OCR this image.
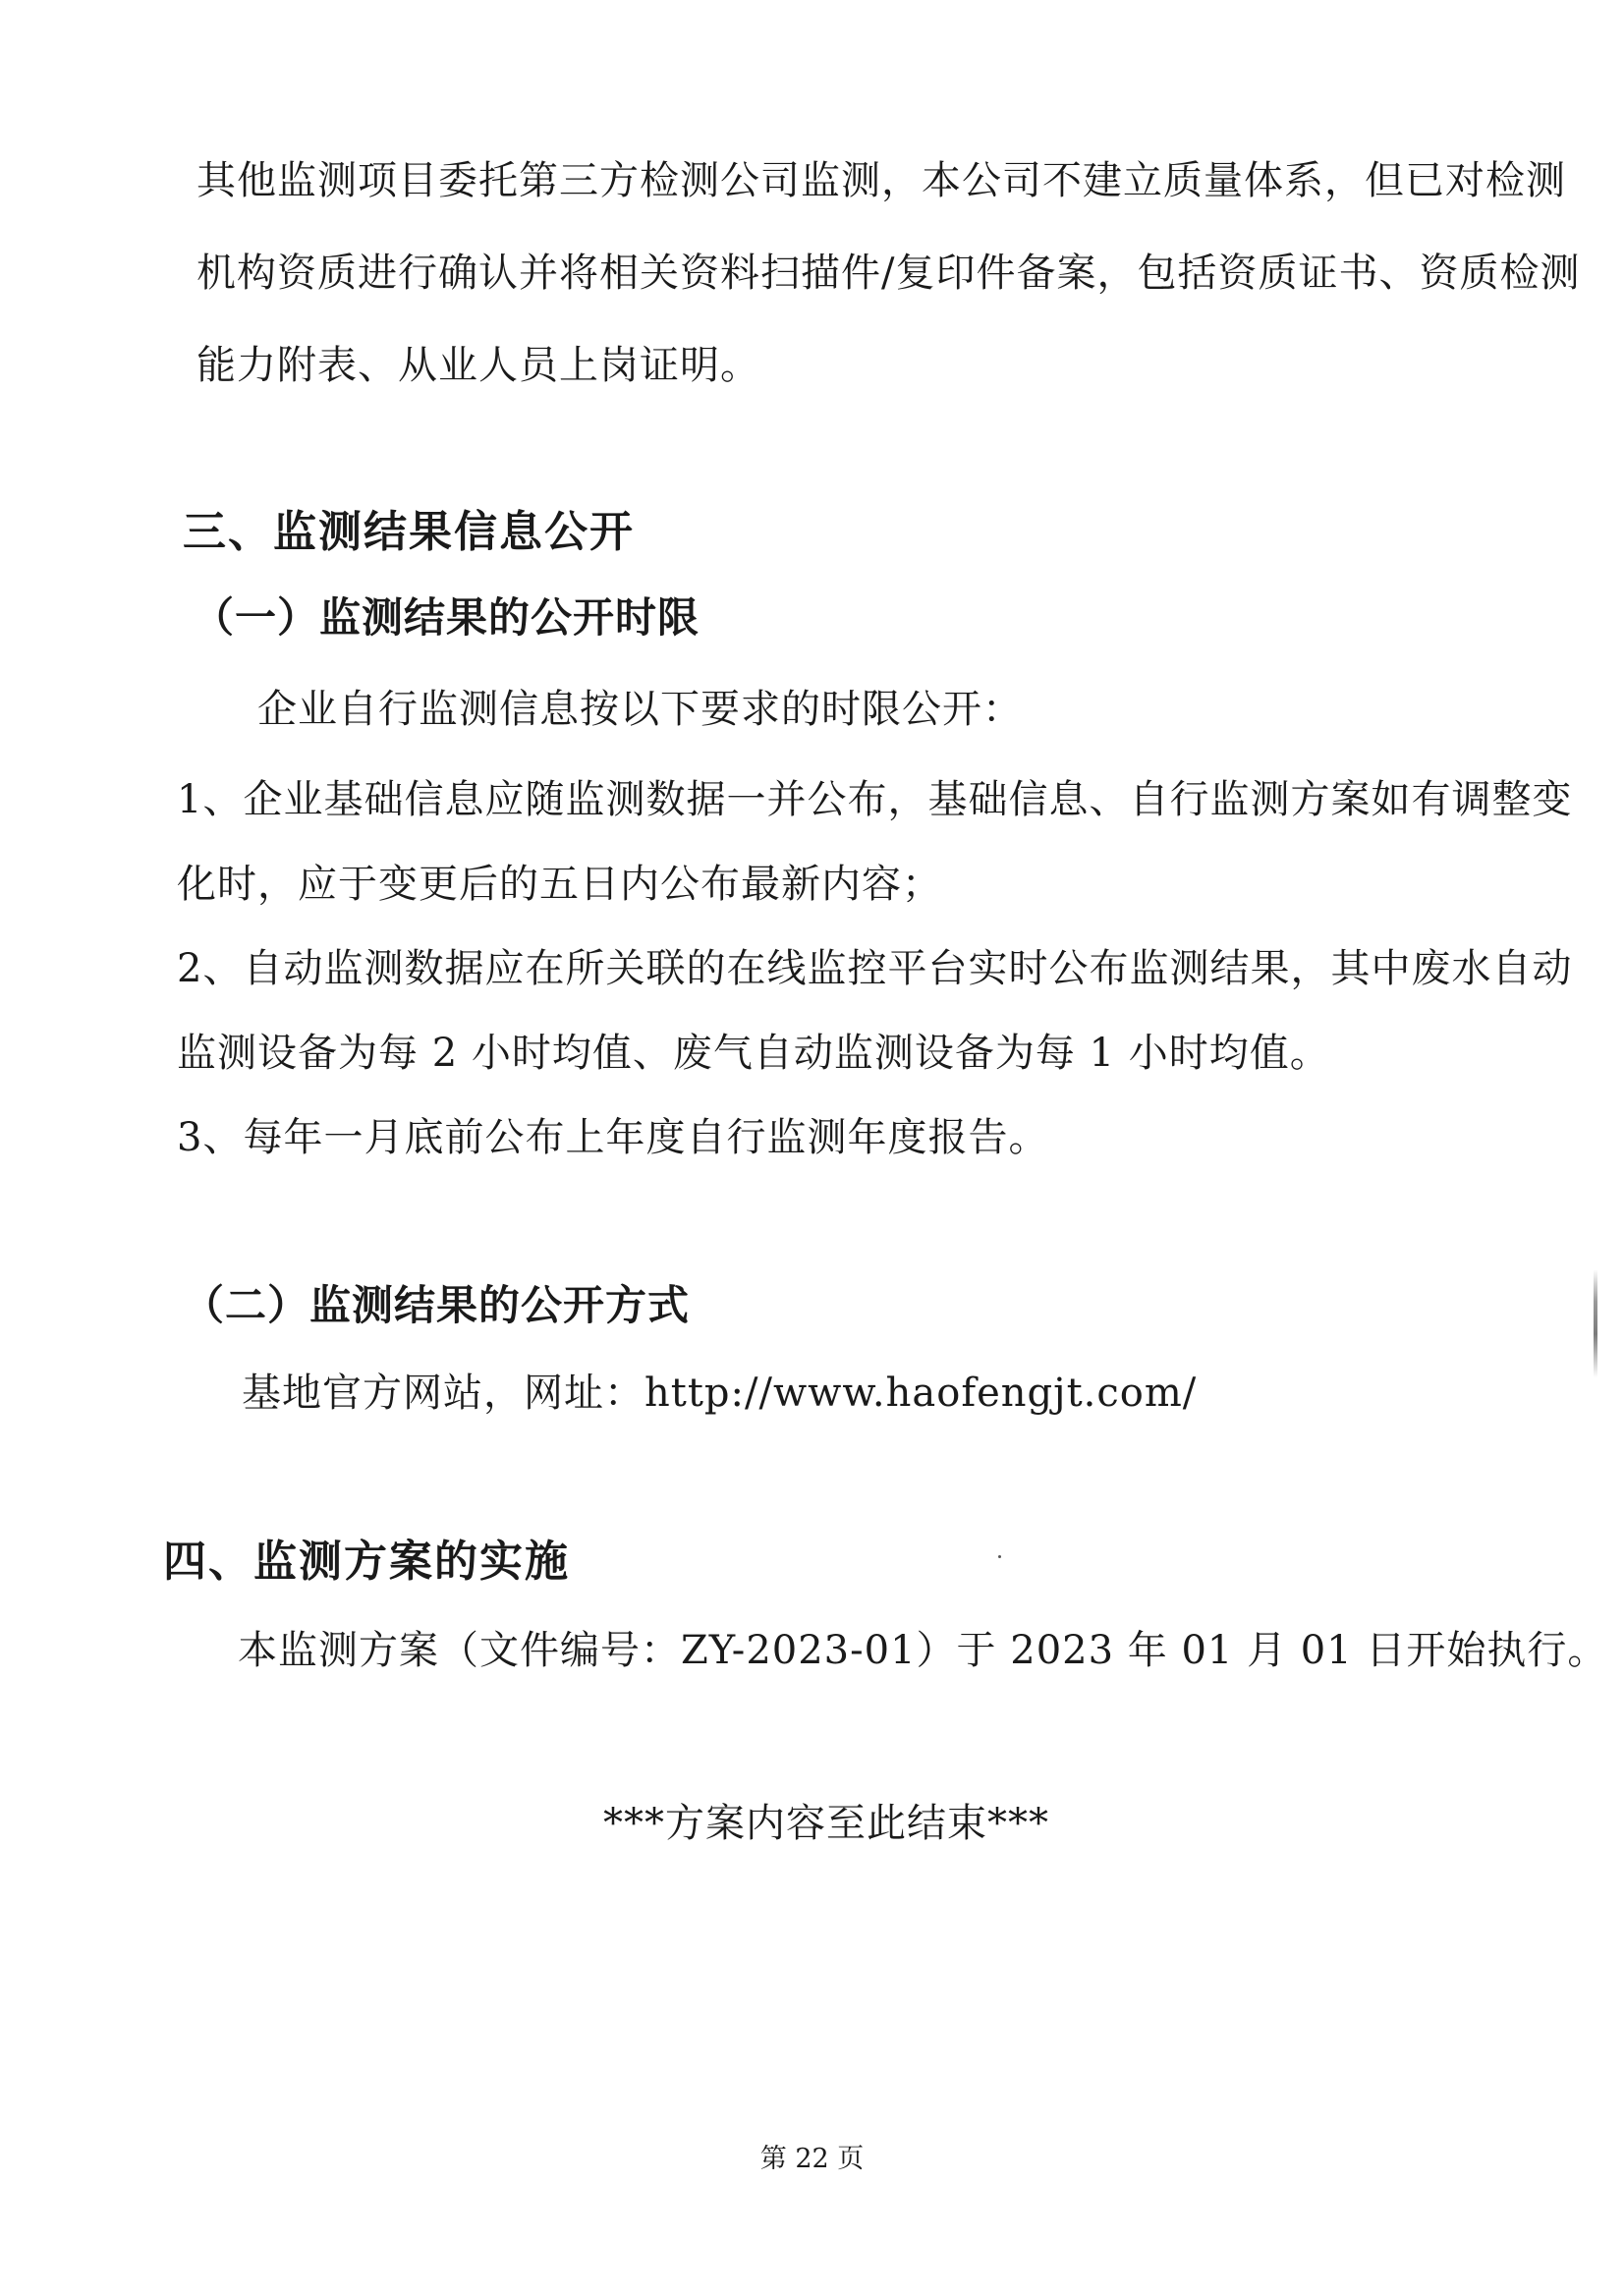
其他监测项目委托第三方检测公司监测，本公司不建立质量体系，但已对检测
机构资质进行确认并将相关资料扫描件/复印件备案，包括资质证书、资质检测
能力附表、从业人员上岗证明。
三、监测结果信息公开
（一）监测结果的公开时限
企业自行监测信息按以下要求的时限公开：
1、企业基础信息应随监测数据一并公布，基础信息、自行监测方案如有调整变
化时，应于变更后的五日内公布最新内容；
2、自动监测数据应在所关联的在线监控平台实时公布监测结果，其中废水自动
监测设备为每 2 小时均值、废气自动监测设备为每 1 小时均值。
3、每年一月底前公布上年度自行监测年度报告。
（二）监测结果的公开方式
基地官方网站，网址：http://www.haofengjt.com/
四、监测方案的实施
本监测方案（文件编号：ZY-2023-01）于 2023 年 01 月 01 日开始执行。
***方案内容至此结束***
第 22 页
